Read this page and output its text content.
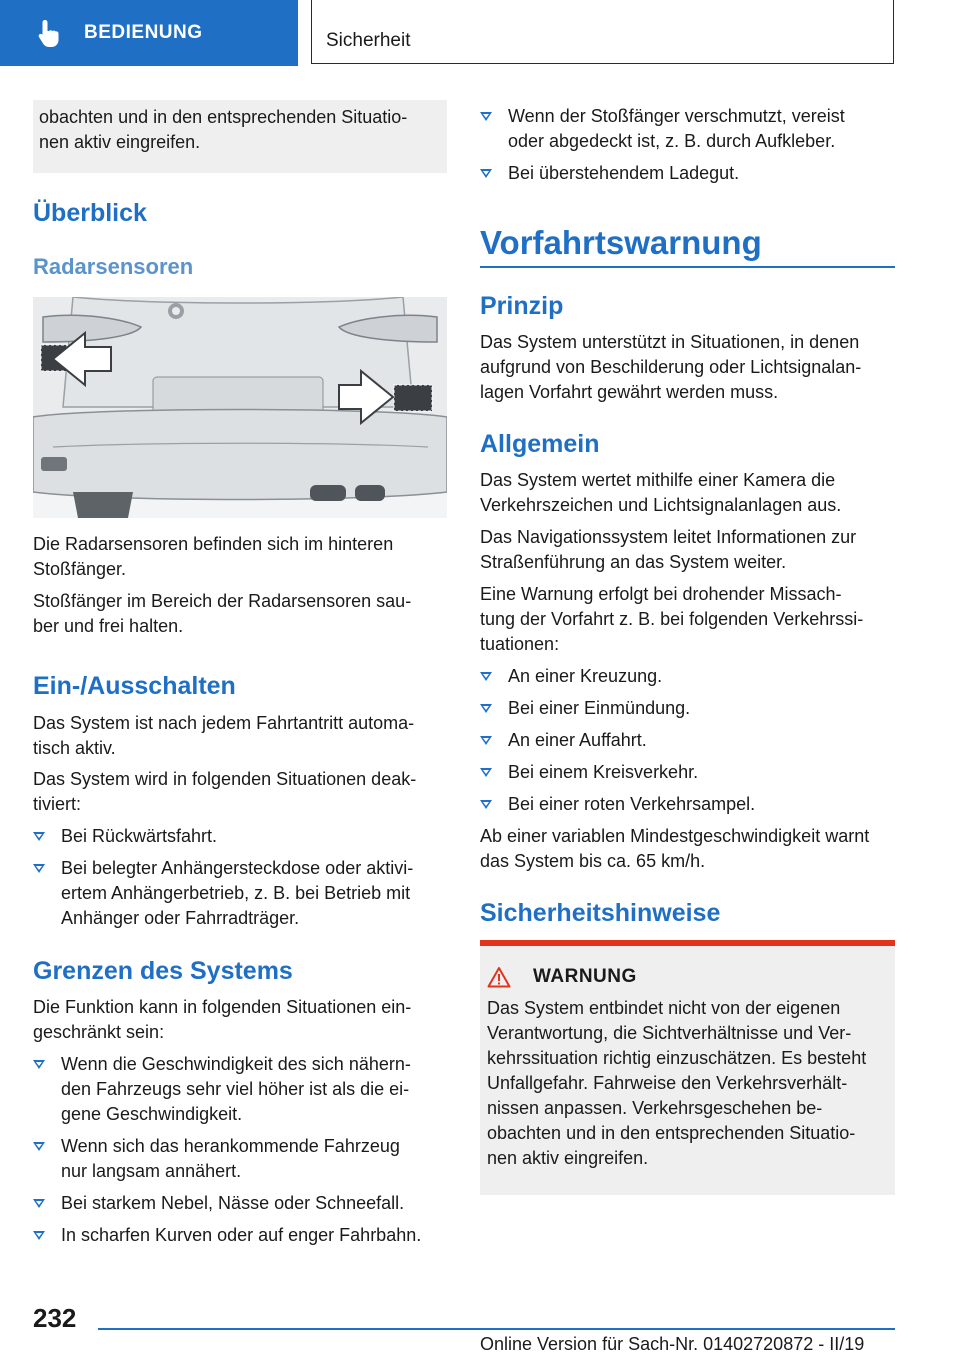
BEDIENUNG	Sicherheit

obachten und in den entsprechenden Situatio-
nen aktiv eingreifen.

Überblick
Radarsensoren

Die Radarsensoren befinden sich im hinteren
Stoßfänger.

Stoßfänger im Bereich der Radarsensoren sau-
ber und frei halten.

Ein-/Ausschalten

Das System ist nach jedem Fahrtantritt automa-
tisch aktiv.

Das System wird in folgenden Situationen deak-
tiviert:

Bei Rückwärtsfahrt.
Bei belegter Anhängersteckdose oder aktivi-
ertem Anhängerbetrieb, z. B. bei Betrieb mit
Anhänger oder Fahrradträger.
Grenzen des Systems

Die Funktion kann in folgenden Situationen ein-
geschränkt sein:

Wenn die Geschwindigkeit des sich nähern-
den Fahrzeugs sehr viel höher ist als die ei-
gene Geschwindigkeit.
Wenn sich das herankommende Fahrzeug
nur langsam annähert.
Bei starkem Nebel, Nässe oder Schneefall.
In scharfen Kurven oder auf enger Fahrbahn.
Wenn der Stoßfänger verschmutzt, vereist
oder abgedeckt ist, z. B. durch Aufkleber.
Bei überstehendem Ladegut.

Vorfahrtswarnung

Prinzip

Das System unterstützt in Situationen, in denen
aufgrund von Beschilderung oder Lichtsignalan-
lagen Vorfahrt gewährt werden muss.

Allgemein

Das System wertet mithilfe einer Kamera die
Verkehrszeichen und Lichtsignalanlagen aus.

Das Navigationssystem leitet Informationen zur
Straßenführung an das System weiter.

Eine Warnung erfolgt bei drohender Missach-
tung der Vorfahrt z. B. bei folgenden Verkehrssi-
tuationen:

An einer Kreuzung.
Bei einer Einmündung.
An einer Auffahrt.
Bei einem Kreisverkehr.
Bei einer roten Verkehrsampel.

Ab einer variablen Mindestgeschwindigkeit warnt
das System bis ca. 65 km/h.

Sicherheitshinweise
WARNUNG

Das System entbindet nicht von der eigenen
Verantwortung, die Sichtverhältnisse und Ver-
kehrssituation richtig einzuschätzen. Es besteht
Unfallgefahr. Fahrweise den Verkehrsverhält-
nissen anpassen. Verkehrsgeschehen be-
obachten und in den entsprechenden Situatio-
nen aktiv eingreifen.

232
Online Version für Sach-Nr. 01402720872 - II/19
